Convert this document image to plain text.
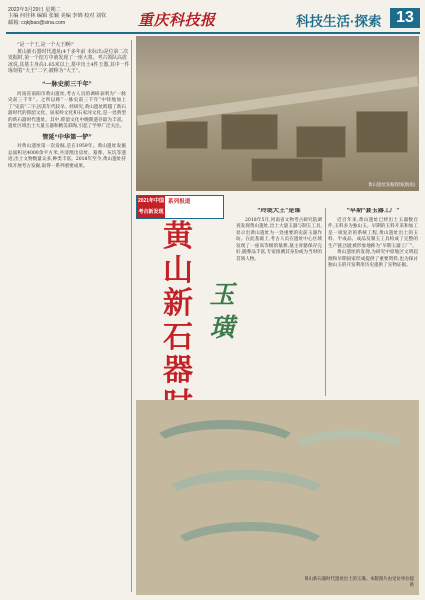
2022年3月29日 星期二
主编 何佳林 编辑 张颖 美编 李锦 校对 刘钦
邮箱: cqkjbao@sina.com	重庆科技报	科技生活·探索 13

“是一个王,是一个大王啊!”

黄山新石器时代遗址(4千多年前 未标出)是位第二次发掘时,第一个挖方中就发现了一座大墓。考古领队高震冰说,其墓主身高1.65米以上,墓中出土4件玉器,其中一件琢刻着“大王”二字,被称为“大王”。

“一脉史前三千年”

河南省南阳市黄山遗址,考古人员的调研表明为“一脉史前三千年”。之所以称“一脉史前三千年”中特地加上了“史前”二字,因其年代较早。经研究,黄山遗址跨越了新石器时代的仰韶文化、屈家岭文化和石家河文化,是一处典型的新石器时代遗址。其中,仰韶文化中晚期遗存最为丰富。遗址区域出土大量玉器和精美彩陶,引起了学界广泛关注。

管延“中华第一铲”

对黄山遗址第一次发掘,是在1959年。黄山遗址发掘总面积达4000余平方米,共清理出房址、墓葬、灰坑等遗迹,出土文物数量众多,种类丰富。2018年至今,黄山遗址持续开展考古发掘,取得一系列重要成果。

黄山遗址发掘现场(航拍)
2021年中国考古新发现
系列报道
黄
山
新
石
器
玉璜
“玲珑大王”是谁

2018年5月,河南省文物考古研究院调查发现黄山遗址,出土大量玉器与制玉工具,显示出黄山遗址为一处重要的史前玉器作坊。在此基础上,考古人员在遗址中心区域发现了一座高等级的墓葬,墓主骨骼保存完好,随葬品丰富,专家推测其身份或为当时的首领人物。

“早期“套玉器工厂”

近百年来,黄山遗址已经出土玉器数百件,玉料多为独山玉。早期的玉料开采和加工是一项复杂的系统工程,黄山遗址出土的玉料、半成品、成品及制玉工具构成了完整的生产链,因此被形象地称为“早期玉器工厂”。

黄山遗址的发现,为研究中原地区文明起源和早期国家形成提供了重要资料,也为探讨独山玉的开发利用历史提供了实物证据。

黄山新石器时代遗址出土的玉璜。本版图片由受访单位提供
